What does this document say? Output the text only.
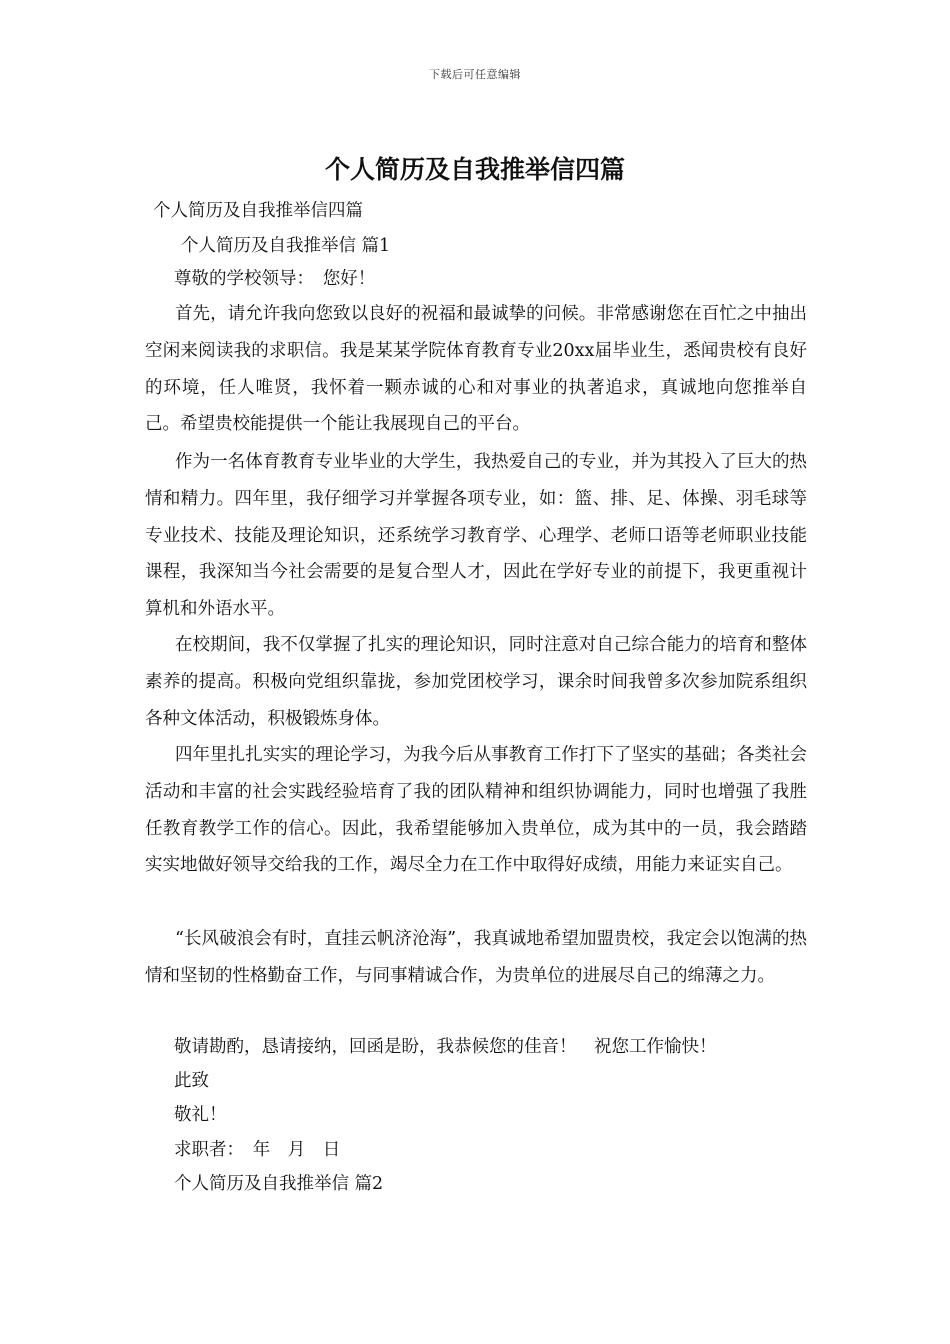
下载后可任意编辑
个人简历及自我推举信四篇
个人简历及自我推举信四篇
个人简历及自我推举信 篇1
尊敬的学校领导：　您好！

首先，请允许我向您致以良好的祝福和最诚挚的问候。非常感谢您在百忙之中抽出空闲来阅读我的求职信。我是某某学院体育教育专业20xx届毕业生，悉闻贵校有良好的环境，任人唯贤，我怀着一颗赤诚的心和对事业的执著追求，真诚地向您推举自己。希望贵校能提供一个能让我展现自己的平台。

作为一名体育教育专业毕业的大学生，我热爱自己的专业，并为其投入了巨大的热情和精力。四年里，我仔细学习并掌握各项专业，如：篮、排、足、体操、羽毛球等专业技术、技能及理论知识，还系统学习教育学、心理学、老师口语等老师职业技能课程，我深知当今社会需要的是复合型人才，因此在学好专业的前提下，我更重视计算机和外语水平。

在校期间，我不仅掌握了扎实的理论知识，同时注意对自己综合能力的培育和整体素养的提高。积极向党组织靠拢，参加党团校学习，课余时间我曾多次参加院系组织各种文体活动，积极锻炼身体。

四年里扎扎实实的理论学习，为我今后从事教育工作打下了坚实的基础；各类社会活动和丰富的社会实践经验培育了我的团队精神和组织协调能力，同时也增强了我胜任教育教学工作的信心。因此，我希望能够加入贵单位，成为其中的一员，我会踏踏实实地做好领导交给我的工作，竭尽全力在工作中取得好成绩，用能力来证实自己。

“长风破浪会有时，直挂云帆济沧海”，我真诚地希望加盟贵校，我定会以饱满的热情和坚韧的性格勤奋工作，与同事精诚合作，为贵单位的进展尽自己的绵薄之力。

敬请勘酌，恳请接纳，回函是盼，我恭候您的佳音！　祝您工作愉快！
此致
敬礼！
求职者：　年　月　日
个人简历及自我推举信 篇2
